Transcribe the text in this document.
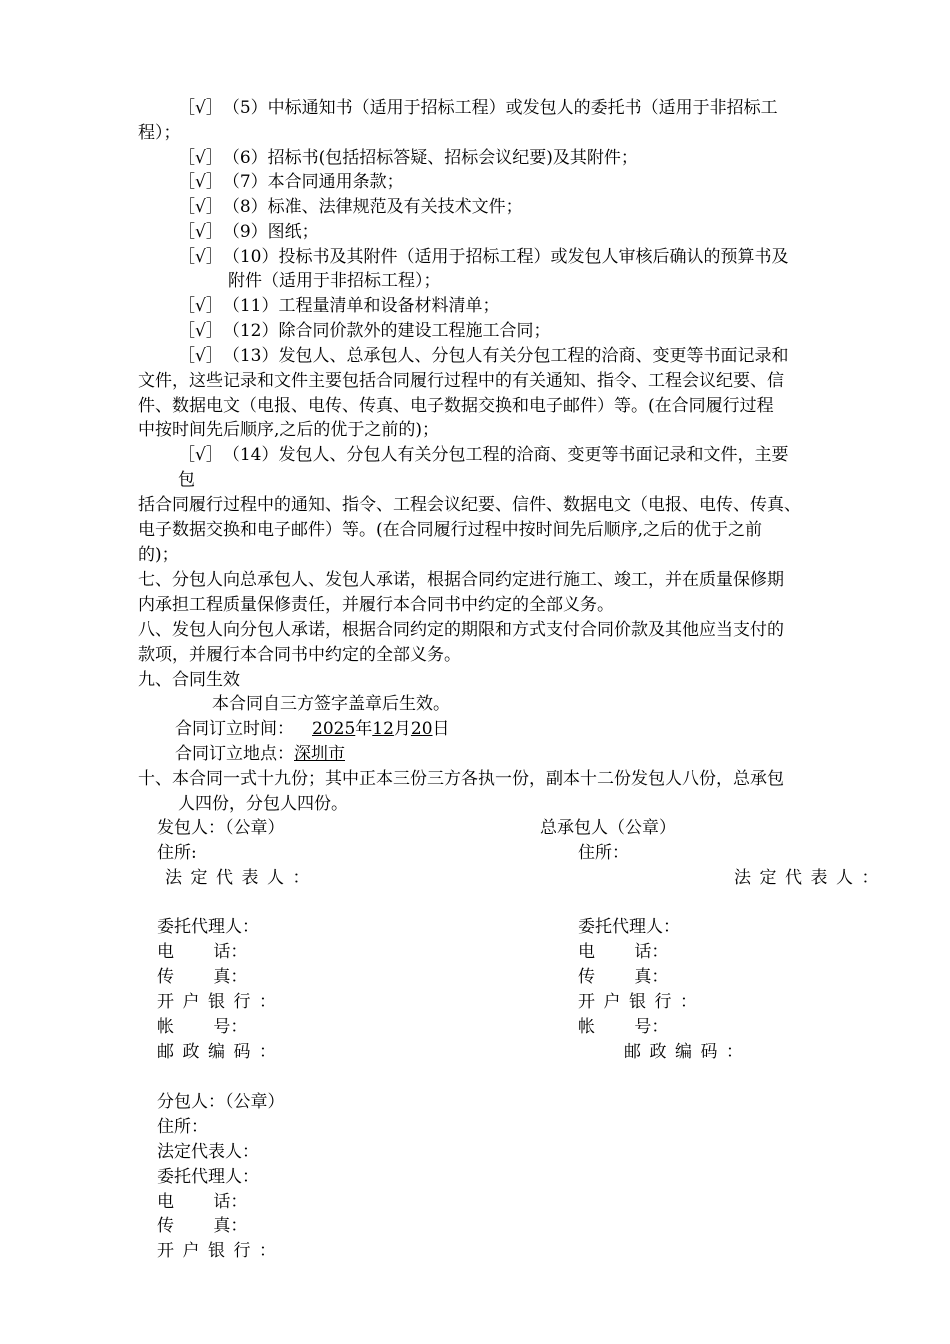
［√］（5）中标通知书（适用于招标工程）或发包人的委托书（适用于非招标工
程）；
［√］（6）招标书(包括招标答疑、招标会议纪要)及其附件；
［√］（7）本合同通用条款；
［√］（8）标准、法律规范及有关技术文件；
［√］（9）图纸；
［√］（10）投标书及其附件（适用于招标工程）或发包人审核后确认的预算书及
附件（适用于非招标工程）；
［√］（11）工程量清单和设备材料清单；
［√］（12）除合同价款外的建设工程施工合同；
［√］（13）发包人、总承包人、分包人有关分包工程的洽商、变更等书面记录和
文件，这些记录和文件主要包括合同履行过程中的有关通知、指令、工程会议纪要、信
件、数据电文（电报、电传、传真、电子数据交换和电子邮件）等。(在合同履行过程
中按时间先后顺序,之后的优于之前的)；
［√］（14）发包人、分包人有关分包工程的洽商、变更等书面记录和文件，主要
包
括合同履行过程中的通知、指令、工程会议纪要、信件、数据电文（电报、电传、传真、
电子数据交换和电子邮件）等。(在合同履行过程中按时间先后顺序,之后的优于之前
的)；
七、分包人向总承包人、发包人承诺，根据合同约定进行施工、竣工，并在质量保修期
内承担工程质量保修责任，并履行本合同书中约定的全部义务。
八、发包人向分包人承诺，根据合同约定的期限和方式支付合同价款及其他应当支付的
款项，并履行本合同书中约定的全部义务。
九、合同生效
本合同自三方签字盖章后生效。
合同订立时间： 2025年12月20日
合同订立地点：深圳市
十、本合同一式十九份；其中正本三份三方各执一份，副本十二份发包人八份，总承包
人四份，分包人四份。
发包人：（公章）
住所:
法定代表人：
委托代理人：
电　　 话：
传　　 真：
开户银行：
帐　　 号：
邮政编码：
总承包人（公章）
住所：
法定代表人：
委托代理人：
电　　 话：
传　　 真：
开户银行：
帐　　 号：
邮政编码：
分包人：（公章）
住所：
法定代表人：
委托代理人：
电　　 话：
传　　 真：
开户银行：
